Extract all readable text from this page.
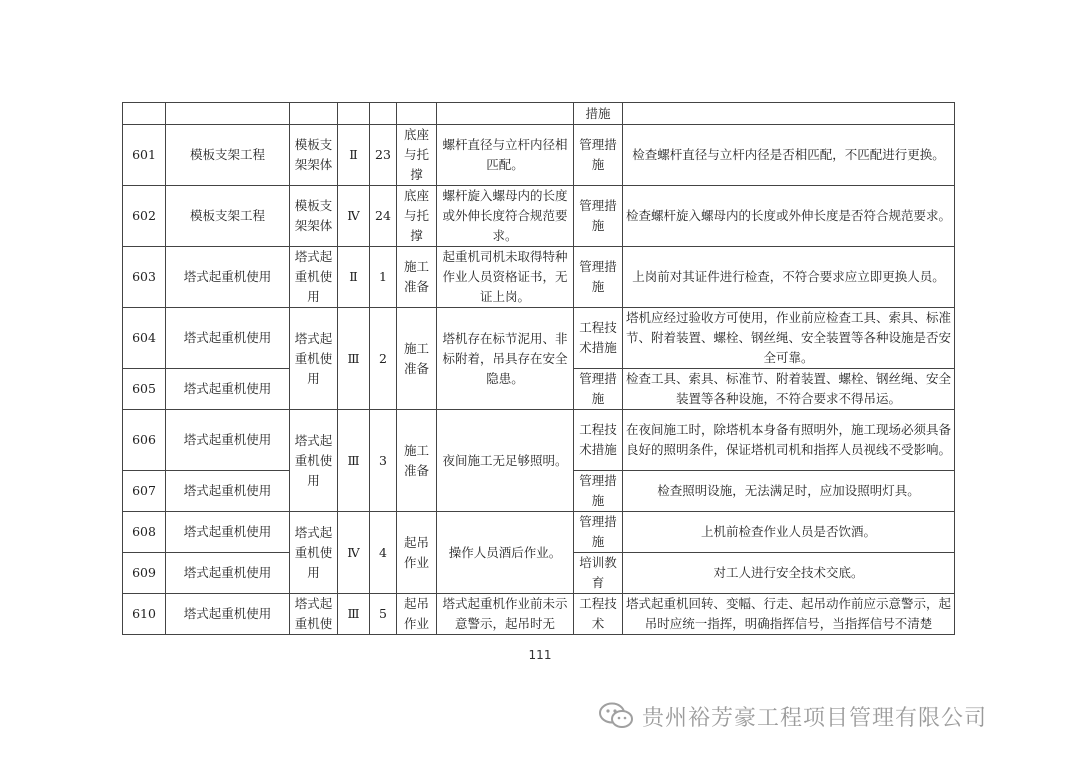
							措施	
601	模板支架工程	模板支架架体	Ⅱ	23	底座与托撑	螺杆直径与立杆内径相匹配。	管理措施	检查螺杆直径与立杆内径是否相匹配，不匹配进行更换。
602	模板支架工程	模板支架架体	Ⅳ	24	底座与托撑	螺杆旋入螺母内的长度或外伸长度符合规范要求。	管理措施	检查螺杆旋入螺母内的长度或外伸长度是否符合规范要求。
603	塔式起重机使用	塔式起重机使用	Ⅱ	1	施工准备	起重机司机未取得特种作业人员资格证书，无证上岗。	管理措施	上岗前对其证件进行检查，不符合要求应立即更换人员。
604	塔式起重机使用	塔式起重机使用	Ⅲ	2	施工准备	塔机存在标节泥用、非标附着，吊具存在安全隐患。	工程技术措施	塔机应经过验收方可使用，作业前应检查工具、索具、标准节、附着装置、螺栓、钢丝绳、安全装置等各种设施是否安全可靠。
605	塔式起重机使用						管理措施	检查工具、索具、标准节、附着装置、螺栓、钢丝绳、安全装置等各种设施，不符合要求不得吊运。
606	塔式起重机使用	塔式起重机使用	Ⅲ	3	施工准备	夜间施工无足够照明。	工程技术措施	在夜间施工时，除塔机本身备有照明外，施工现场必须具备良好的照明条件，保证塔机司机和指挥人员视线不受影响。
607	塔式起重机使用						管理措施	检查照明设施，无法满足时，应加设照明灯具。
608	塔式起重机使用	塔式起重机使用	Ⅳ	4	起吊作业	操作人员酒后作业。	管理措施	上机前检查作业人员是否饮酒。
609	塔式起重机使用						培训教育	对工人进行安全技术交底。
610	塔式起重机使用	塔式起重机使	Ⅲ	5	起吊作业	塔式起重机作业前未示意警示，起吊时无	工程技术	塔式起重机回转、变幅、行走、起吊动作前应示意警示，起吊时应统一指挥，明确指挥信号，当指挥信号不清楚
111
贵州裕芳豪工程项目管理有限公司
